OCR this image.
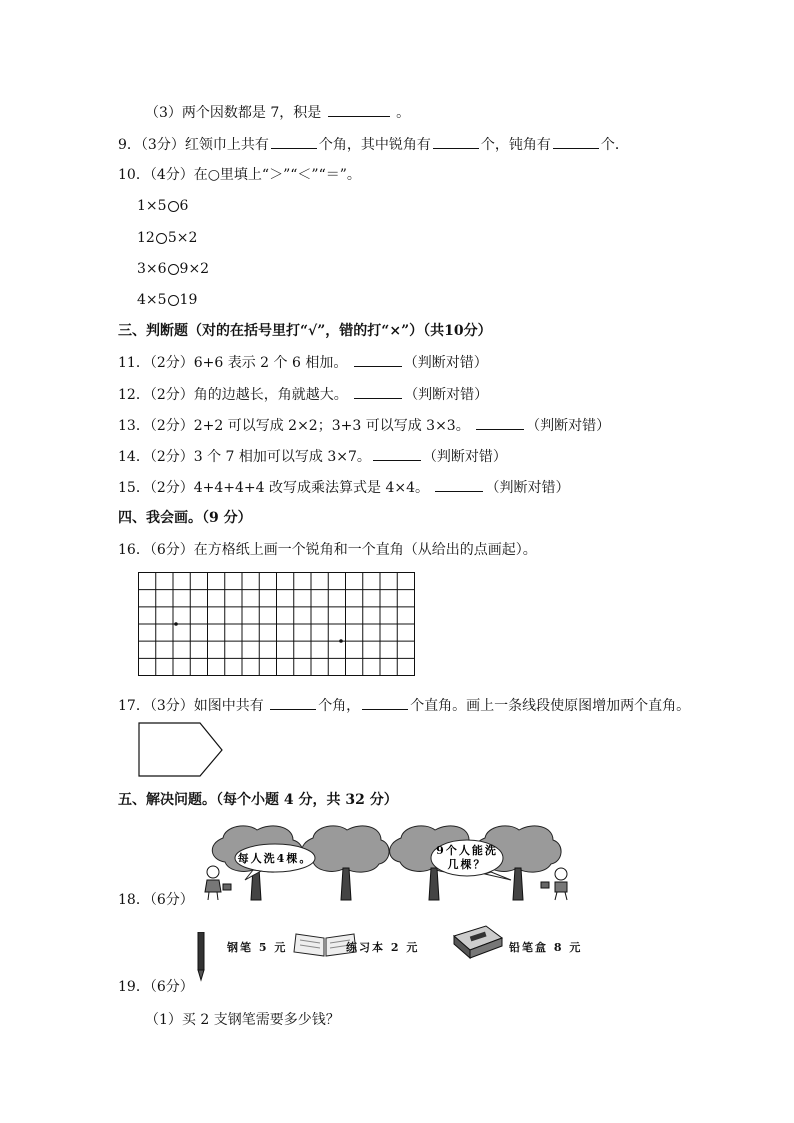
（3）两个因数都是 7，积是	。
9．（3分）红领巾上共有	个角，其中锐角有	个，钝角有	个．
10．（4分）在○里填上“＞”“＜”“＝”。
1×5 6
12 5×2
3×6 9×2
4×5 19
三、判断题（对的在括号里打“√”，错的打“×”）（共10分）
11．（2分）6+6 表示 2 个 6 相加。	（判断对错）
12．（2分）角的边越长，角就越大。	（判断对错）
13．（2分）2+2 可以写成 2×2；3+3 可以写成 3×3。	（判断对错）
14．（2分）3 个 7 相加可以写成 3×7。	（判断对错）
15．（2分）4+4+4+4 改写成乘法算式是 4×4。	（判断对错）
四、我会画。（9 分）
16．（6分）在方格纸上画一个锐角和一个直角（从给出的点画起）。
17．（3分）如图中共有	个角，	个直角。画上一条线段使原图增加两个直角。
五、解决问题。（每个小题 4 分，共 32 分）
每人洗4棵。
9个人能洗
几棵？
18．（6分）
钢笔 5 元	练习本 2 元	铅笔盒 8 元
19．（6分）
（1）买 2 支钢笔需要多少钱？
